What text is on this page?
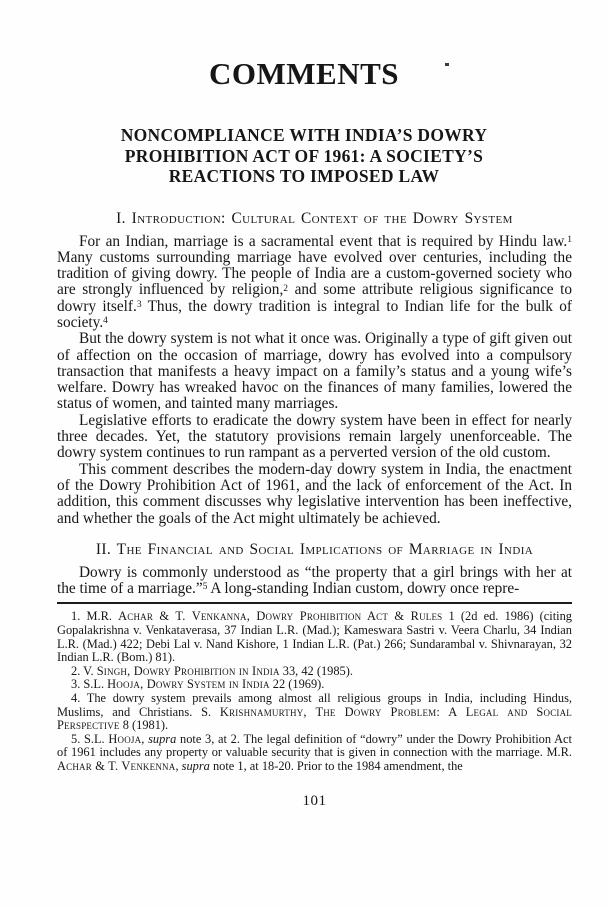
COMMENTS
NONCOMPLIANCE WITH INDIA’S DOWRY
PROHIBITION ACT OF 1961: A SOCIETY’S
REACTIONS TO IMPOSED LAW
I. Introduction: Cultural Context of the Dowry System

For an Indian, marriage is a sacramental event that is required by Hindu law.$^1$ Many customs surrounding marriage have evolved over centuries, including the tradition of giving dowry. The people of India are a custom-governed society who are strongly influenced by religion,$^2$ and some attribute religious significance to dowry itself.$^3$ Thus, the dowry tradition is integral to Indian life for the bulk of society.$^4$

But the dowry system is not what it once was. Originally a type of gift given out of affection on the occasion of marriage, dowry has evolved into a compulsory transaction that manifests a heavy impact on a family’s status and a young wife’s welfare. Dowry has wreaked havoc on the finances of many families, lowered the status of women, and tainted many marriages.

Legislative efforts to eradicate the dowry system have been in effect for nearly three decades. Yet, the statutory provisions remain largely unenforceable. The dowry system continues to run rampant as a perverted version of the old custom.

This comment describes the modern-day dowry system in India, the enactment of the Dowry Prohibition Act of 1961, and the lack of enforcement of the Act. In addition, this comment discusses why legislative intervention has been ineffective, and whether the goals of the Act might ultimately be achieved.

II. The Financial and Social Implications of Marriage in India

Dowry is commonly understood as “the property that a girl brings with her at the time of a marriage.”$^5$ A long-standing Indian custom, dowry once repre-

1. M.R. Achar & T. Venkanna, Dowry Prohibition Act & Rules 1 (2d ed. 1986) (citing Gopalakrishna v. Venkataverasa, 37 Indian L.R. (Mad.); Kameswara Sastri v. Veera Charlu, 34 Indian L.R. (Mad.) 422; Debi Lal v. Nand Kishore, 1 Indian L.R. (Pat.) 266; Sundarambal v. Shivnarayan, 32 Indian L.R. (Bom.) 81).

2. V. Singh, Dowry Prohibition in India 33, 42 (1985).

3. S.L. Hooja, Dowry System in India 22 (1969).

4. The dowry system prevails among almost all religious groups in India, including Hindus, Muslims, and Christians. S. Krishnamurthy, The Dowry Problem: A Legal and Social Perspective 8 (1981).

5. S.L. Hooja, supra note 3, at 2. The legal definition of “dowry” under the Dowry Prohibition Act of 1961 includes any property or valuable security that is given in connection with the marriage. M.R. Achar & T. Venkenna, supra note 1, at 18-20. Prior to the 1984 amendment, the

101
